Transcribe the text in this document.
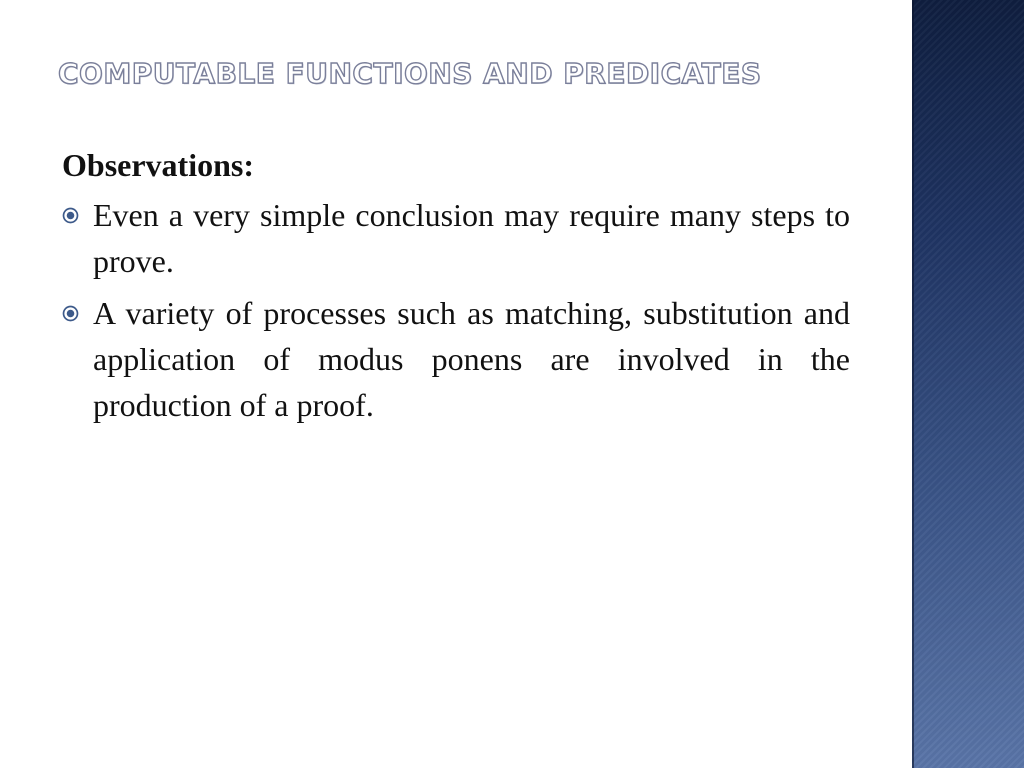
COMPUTABLE FUNCTIONS AND PREDICATES

Observations:

Even a very simple conclusion may require many steps to prove.

A variety of processes such as matching, substitution and application of modus ponens are involved in the production of a proof.
